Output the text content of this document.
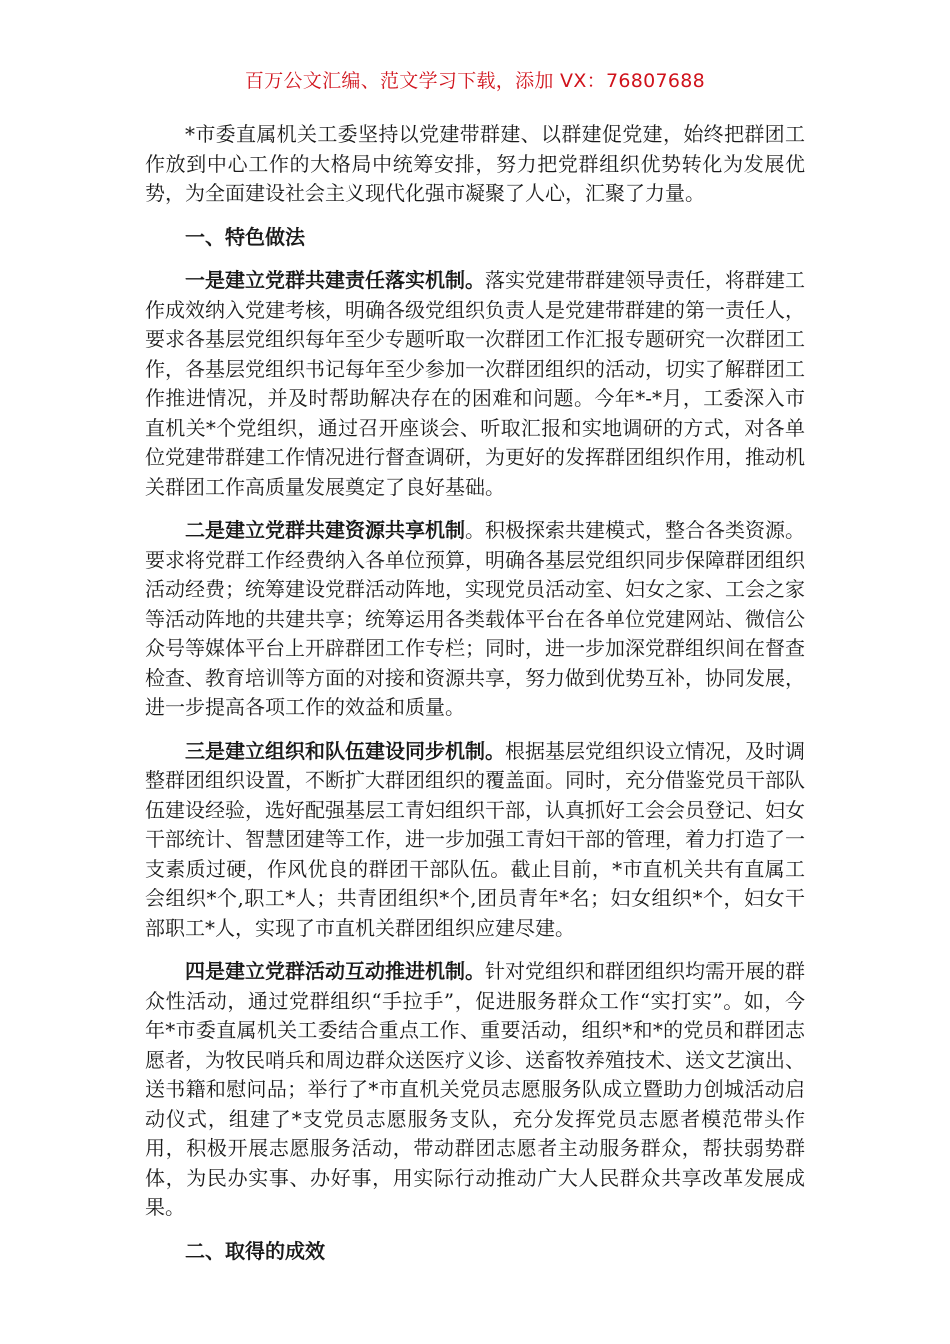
百万公文汇编、范文学习下载，添加 VX：76807688

*市委直属机关工委坚持以党建带群建、以群建促党建，始终把群团工作放到中心工作的大格局中统筹安排，努力把党群组织优势转化为发展优势，为全面建设社会主义现代化强市凝聚了人心，汇聚了力量。

一、特色做法

一是建立党群共建责任落实机制。落实党建带群建领导责任，将群建工作成效纳入党建考核，明确各级党组织负责人是党建带群建的第一责任人，要求各基层党组织每年至少专题听取一次群团工作汇报专题研究一次群团工作，各基层党组织书记每年至少参加一次群团组织的活动，切实了解群团工作推进情况，并及时帮助解决存在的困难和问题。今年*-*月，工委深入市直机关*个党组织，通过召开座谈会、听取汇报和实地调研的方式，对各单位党建带群建工作情况进行督查调研，为更好的发挥群团组织作用，推动机关群团工作高质量发展奠定了良好基础。

二是建立党群共建资源共享机制。积极探索共建模式，整合各类资源。要求将党群工作经费纳入各单位预算，明确各基层党组织同步保障群团组织活动经费；统筹建设党群活动阵地，实现党员活动室、妇女之家、工会之家等活动阵地的共建共享；统筹运用各类载体平台在各单位党建网站、微信公众号等媒体平台上开辟群团工作专栏；同时，进一步加深党群组织间在督查检查、教育培训等方面的对接和资源共享，努力做到优势互补，协同发展，进一步提高各项工作的效益和质量。

三是建立组织和队伍建设同步机制。根据基层党组织设立情况，及时调整群团组织设置，不断扩大群团组织的覆盖面。同时，充分借鉴党员干部队伍建设经验，选好配强基层工青妇组织干部，认真抓好工会会员登记、妇女干部统计、智慧团建等工作，进一步加强工青妇干部的管理，着力打造了一支素质过硬，作风优良的群团干部队伍。截止目前，*市直机关共有直属工会组织*个,职工*人；共青团组织*个,团员青年*名；妇女组织*个，妇女干部职工*人，实现了市直机关群团组织应建尽建。

四是建立党群活动互动推进机制。针对党组织和群团组织均需开展的群众性活动，通过党群组织“手拉手”，促进服务群众工作“实打实”。如，今年*市委直属机关工委结合重点工作、重要活动，组织*和*的党员和群团志愿者，为牧民哨兵和周边群众送医疗义诊、送畜牧养殖技术、送文艺演出、送书籍和慰问品；举行了*市直机关党员志愿服务队成立暨助力创城活动启动仪式，组建了*支党员志愿服务支队，充分发挥党员志愿者模范带头作用，积极开展志愿服务活动，带动群团志愿者主动服务群众，帮扶弱势群体，为民办实事、办好事，用实际行动推动广大人民群众共享改革发展成果。

二、取得的成效
